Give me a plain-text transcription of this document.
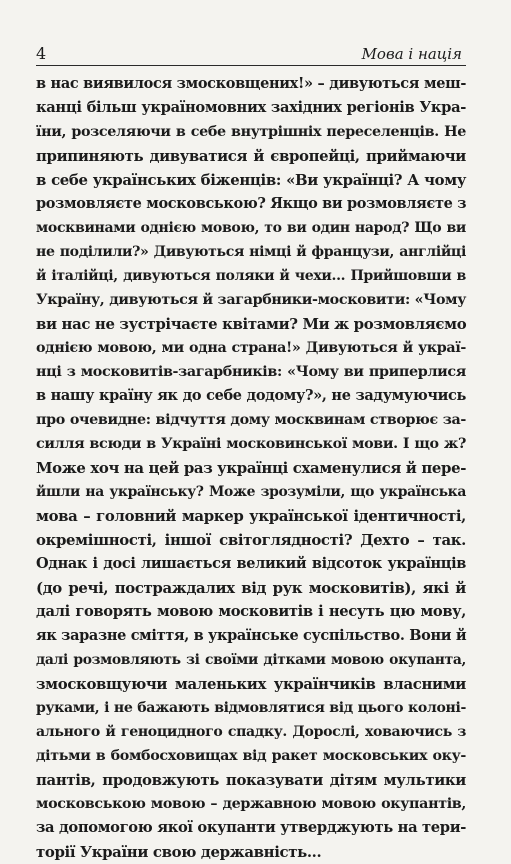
4	Мова і нація
в нас виявилося змосковщених!» – дивуються меш-
канці більш україномовних західних регіонів Укра-
їни, розселяючи в себе внутрішніх переселенців. Не
припиняють дивуватися й європейці, приймаючи
в себе українських біженців: «Ви українці? А чому
розмовляєте московською? Якщо ви розмовляєте з
москвинами однією мовою, то ви один народ? Що ви
не поділили?» Дивуються німці й французи, англійці
й італійці, дивуються поляки й чехи... Прийшовши в
Україну, дивуються й загарбники-московити: «Чому
ви нас не зустрічаєте квітами? Ми ж розмовляємо
однією мовою, ми одна страна!» Дивуються й украї-
нці з московитів-загарбників: «Чому ви приперлися
в нашу країну як до себе додому?», не задумуючись
про очевидне: відчуття дому москвинам створює за-
силля всюди в Україні московинської мови. І що ж?
Може хоч на цей раз українці схаменулися й пере-
йшли на українську? Може зрозуміли, що українська
мова – головний маркер української ідентичності,
окремішності, іншої світоглядності? Дехто – так.
Однак і досі лишається великий відсоток українців
(до речі, постраждалих від рук московитів), які й
далі говорять мовою московитів і несуть цю мову,
як заразне сміття, в українське суспільство. Вони й
далі розмовляють зі своїми дітками мовою окупанта,
змосковщуючи маленьких українчиків власними
руками, і не бажають відмовлятися від цього колоні-
ального й геноцидного спадку. Дорослі, ховаючись з
дітьми в бомбосховищах від ракет московських оку-
пантів, продовжують показувати дітям мультики
московською мовою – державною мовою окупантів,
за допомогою якої окупанти утверджують на тери-
торії України свою державність...
